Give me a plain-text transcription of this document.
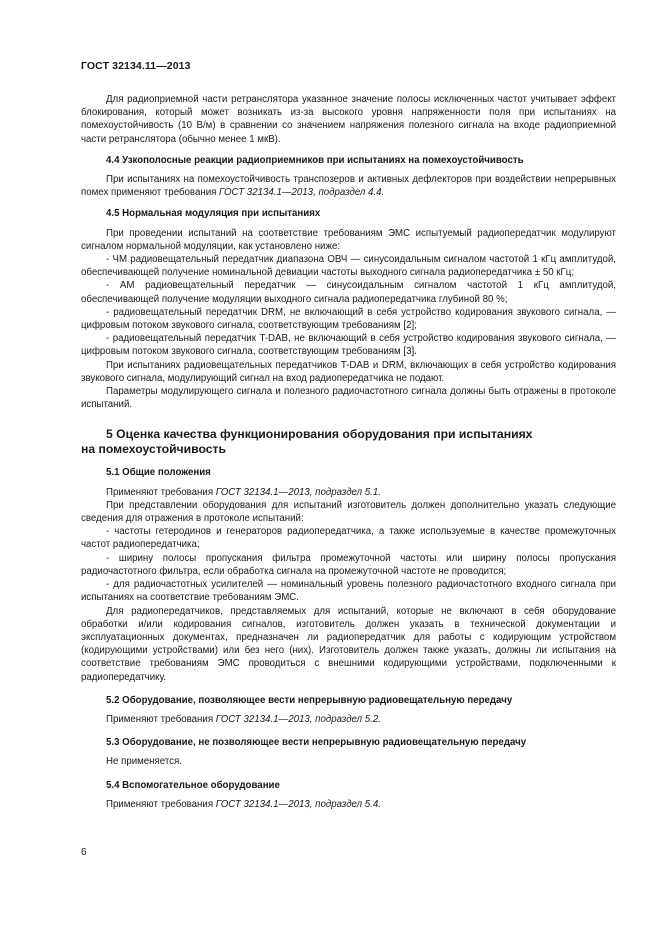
ГОСТ 32134.11—2013

Для радиоприемной части ретранслятора указанное значение полосы исключенных частот учитывает эффект блокирования, который может возникать из-за высокого уровня напряженности поля при испытаниях на помехоустойчивость (10 В/м) в сравнении со значением напряжения полезного сигнала на входе радиоприемной части ретранслятора (обычно менее 1 мкВ).

4.4 Узкополосные реакции радиоприемников при испытаниях на помехоустойчивость

При испытаниях на помехоустойчивость транспозеров и активных дефлекторов при воздействии непрерывных помех применяют требования ГОСТ 32134.1—2013, подраздел 4.4.

4.5 Нормальная модуляция при испытаниях

При проведении испытаний на соответствие требованиям ЭМС испытуемый радиопередатчик модулируют сигналом нормальной модуляции, как установлено ниже:

- ЧМ радиовещательный передатчик диапазона ОВЧ — синусоидальным сигналом частотой 1 кГц амплитудой, обеспечивающей получение номинальной девиации частоты выходного сигнала радиопередатчика ± 50 кГц;

- АМ радиовещательный передатчик — синусоидальным сигналом частотой 1 кГц амплитудой, обеспечивающей получение модуляции выходного сигнала радиопередатчика глубиной 80 %;

- радиовещательный передатчик DRM, не включающий в себя устройство кодирования звукового сигнала, — цифровым потоком звукового сигнала, соответствующим требованиям [2];

- радиовещательный передатчик T-DAB, не включающий в себя устройство кодирования звукового сигнала, — цифровым потоком звукового сигнала, соответствующим требованиям [3].

При испытаниях радиовещательных передатчиков T-DAB и DRM, включающих в себя устройство кодирования звукового сигнала, модулирующий сигнал на вход радиопередатчика не подают.

Параметры модулирующего сигнала и полезного радиочастотного сигнала должны быть отражены в протоколе испытаний.

5 Оценка качества функционирования оборудования при испытаниях
на помехоустойчивость

5.1 Общие положения

Применяют требования ГОСТ 32134.1—2013, подраздел 5.1.

При представлении оборудования для испытаний изготовитель должен дополнительно указать следующие сведения для отражения в протоколе испытаний:

- частоты гетеродинов и генераторов радиопередатчика, а также используемые в качестве промежуточных частот радиопередатчика;

- ширину полосы пропускания фильтра промежуточной частоты или ширину полосы пропускания радиочастотного фильтра, если обработка сигнала на промежуточной частоте не проводится;

- для радиочастотных усилителей — номинальный уровень полезного радиочастотного входного сигнала при испытаниях на соответствие требованиям ЭМС.

Для радиопередатчиков, представляемых для испытаний, которые не включают в себя оборудование обработки и/или кодирования сигналов, изготовитель должен указать в технической документации и эксплуатационных документах, предназначен ли радиопередатчик для работы с кодирующим устройством (кодирующими устройствами) или без него (них). Изготовитель должен также указать, должны ли испытания на соответствие требованиям ЭМС проводиться с внешними кодирующими устройствами, подключенными к радиопередатчику.

5.2 Оборудование, позволяющее вести непрерывную радиовещательную передачу

Применяют требования ГОСТ 32134.1—2013, подраздел 5.2.

5.3 Оборудование, не позволяющее вести непрерывную радиовещательную передачу

Не применяется.

5.4 Вспомогательное оборудование

Применяют требования ГОСТ 32134.1—2013, подраздел 5.4.

6
